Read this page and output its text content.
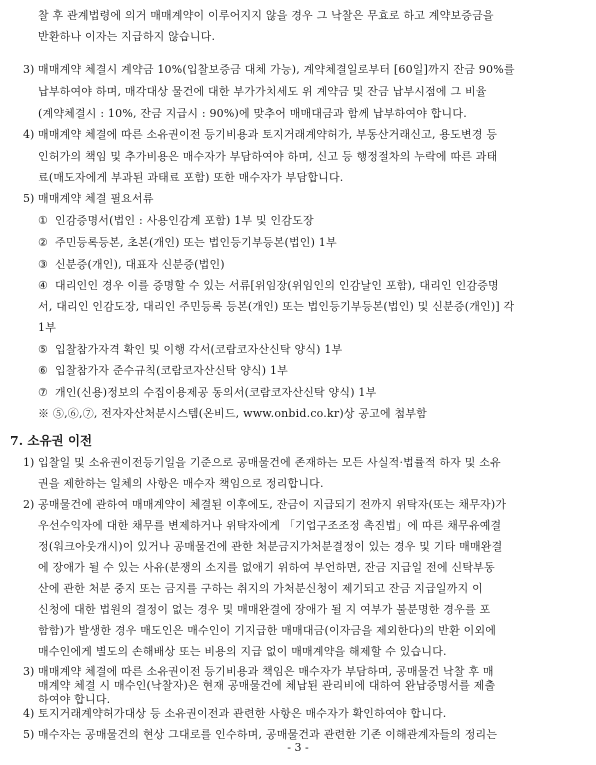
찰 후 관계법령에 의거 매매계약이 이루어지지 않을 경우 그 낙찰은 무효로 하고 계약보증금을
반환하나 이자는 지급하지 않습니다.
3) 매매계약 체결시 계약금 10%(입찰보증금 대체 가능), 계약체결일로부터 [60일]까지 잔금 90%를
납부하여야 하며, 매각대상 물건에 대한 부가가치세도 위 계약금 및 잔금 납부시점에 그 비율
(계약체결시 : 10%, 잔금 지급시 : 90%)에 맞추어 매매대금과 함께 납부하여야 합니다.
4) 매매계약 체결에 따른 소유권이전 등기비용과 토지거래계약허가, 부동산거래신고, 용도변경 등
인허가의 책임 및 추가비용은 매수자가 부담하여야 하며, 신고 등 행정절차의 누락에 따른 과태
료(매도자에게 부과된 과태료 포함) 또한 매수자가 부담합니다.
5) 매매계약 체결 필요서류
① 인감증명서(법인 : 사용인감계 포함) 1부 및 인감도장
② 주민등록등본, 초본(개인) 또는 법인등기부등본(법인) 1부
③ 신분증(개인), 대표자 신분증(법인)
④ 대리인인 경우 이를 증명할 수 있는 서류[위임장(위임인의 인감날인 포함), 대리인 인감증명
서, 대리인 인감도장, 대리인 주민등록 등본(개인) 또는 법인등기부등본(법인) 및 신분증(개인)] 각
1부
⑤ 입찰참가자격 확인 및 이행 각서(코람코자산신탁 양식) 1부
⑥ 입찰참가자 준수규칙(코람코자산신탁 양식) 1부
⑦ 개인(신용)정보의 수집이용제공 동의서(코람코자산신탁 양식) 1부
※ ⑤,⑥,⑦, 전자자산처분시스템(온비드, www.onbid.co.kr)상 공고에 첨부함
7. 소유권 이전
1) 입찰일 및 소유권이전등기일을 기준으로 공매물건에 존재하는 모든 사실적·법률적 하자 및 소유
권을 제한하는 일체의 사항은 매수자 책임으로 정리합니다.
2) 공매물건에 관하여 매매계약이 체결된 이후에도, 잔금이 지급되기 전까지 위탁자(또는 채무자)가
우선수익자에 대한 채무를 변제하거나 위탁자에게 「기업구조조정 촉진법」에 따른 채무유예결
정(워크아웃개시)이 있거나 공매물건에 관한 처분금지가처분결정이 있는 경우 및 기타 매매완결
에 장애가 될 수 있는 사유(분쟁의 소지를 없애기 위하여 부언하면, 잔금 지급일 전에 신탁부동
산에 관한 처분 중지 또는 금지를 구하는 취지의 가처분신청이 제기되고 잔금 지급일까지 이
신청에 대한 법원의 결정이 없는 경우 및 매매완결에 장애가 될 지 여부가 불분명한 경우를 포
함함)가 발생한 경우 매도인은 매수인이 기지급한 매매대금(이자금을 제외한다)의 반환 이외에
매수인에게 별도의 손해배상 또는 비용의 지급 없이 매매계약을 해제할 수 있습니다.
3) 매매계약 체결에 따른 소유권이전 등기비용과 책임은 매수자가 부담하며, 공매물건 낙찰 후 매
매계약 체결 시 매수인(낙찰자)은 현재 공매물건에 체납된 관리비에 대하여 완납증명서를 제출
하여야 합니다.
- 3 -
4) 토지거래계약허가대상 등 소유권이전과 관련한 사항은 매수자가 확인하여야 합니다.
5) 매수자는 공매물건의 현상 그대로를 인수하며, 공매물건과 관련한 기존 이해관계자들의 정리는
